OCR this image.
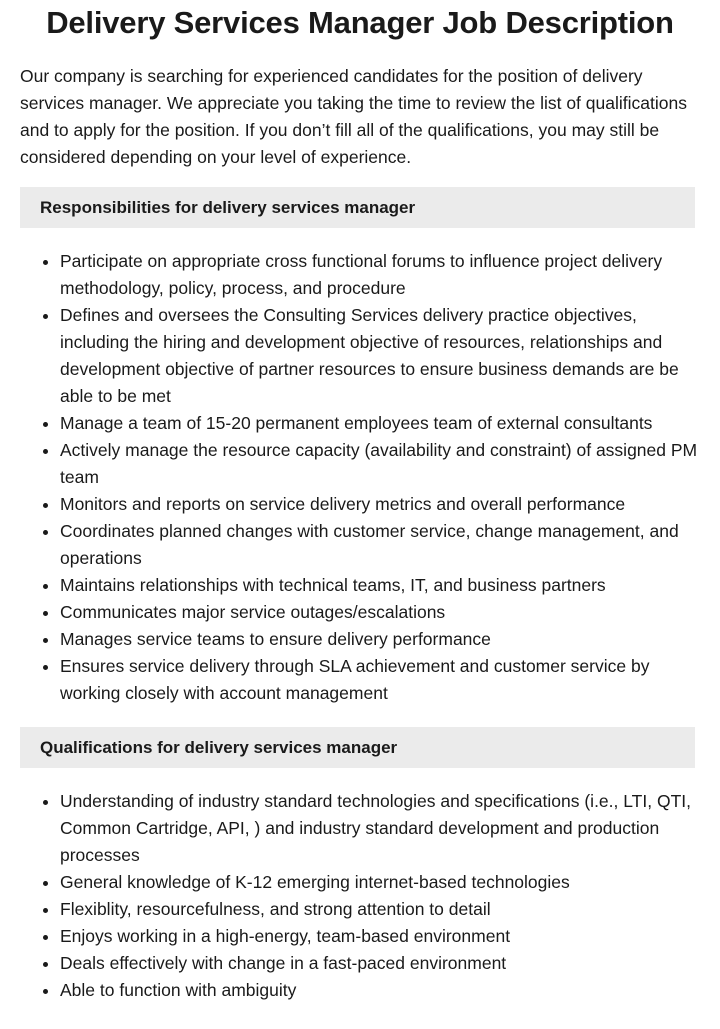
Delivery Services Manager Job Description

Our company is searching for experienced candidates for the position of delivery services manager. We appreciate you taking the time to review the list of qualifications and to apply for the position. If you don’t fill all of the qualifications, you may still be considered depending on your level of experience.

Responsibilities for delivery services manager
• Participate on appropriate cross functional forums to influence project delivery methodology, policy, process, and procedure
• Defines and oversees the Consulting Services delivery practice objectives, including the hiring and development objective of resources, relationships and development objective of partner resources to ensure business demands are be able to be met
• Manage a team of 15-20 permanent employees team of external consultants
• Actively manage the resource capacity (availability and constraint) of assigned PM team
• Monitors and reports on service delivery metrics and overall performance
• Coordinates planned changes with customer service, change management, and operations
• Maintains relationships with technical teams, IT, and business partners
• Communicates major service outages/escalations
• Manages service teams to ensure delivery performance
• Ensures service delivery through SLA achievement and customer service by working closely with account management
Qualifications for delivery services manager
• Understanding of industry standard technologies and specifications (i.e., LTI, QTI, Common Cartridge, API, ) and industry standard development and production processes
• General knowledge of K-12 emerging internet-based technologies
• Flexiblity, resourcefulness, and strong attention to detail
• Enjoys working in a high-energy, team-based environment
• Deals effectively with change in a fast-paced environment
• Able to function with ambiguity
